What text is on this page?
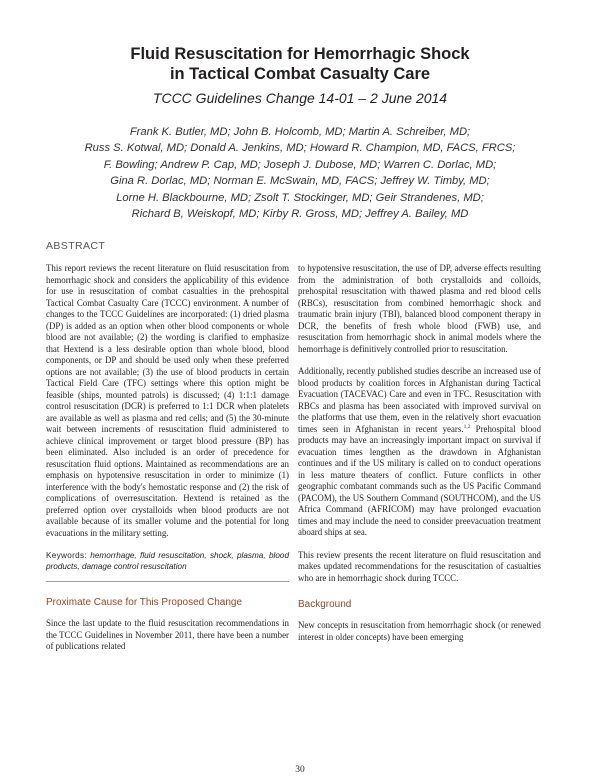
Fluid Resuscitation for Hemorrhagic Shock
in Tactical Combat Casualty Care
TCCC Guidelines Change 14-01 – 2 June 2014
Frank K. Butler, MD; John B. Holcomb, MD; Martin A. Schreiber, MD;
Russ S. Kotwal, MD; Donald A. Jenkins, MD; Howard R. Champion, MD, FACS, FRCS;
F. Bowling; Andrew P. Cap, MD; Joseph J. Dubose, MD; Warren C. Dorlac, MD;
Gina R. Dorlac, MD; Norman E. McSwain, MD, FACS; Jeffrey W. Timby, MD;
Lorne H. Blackbourne, MD; Zsolt T. Stockinger, MD; Geir Strandenes, MD;
Richard B, Weiskopf, MD; Kirby R. Gross, MD; Jeffrey A. Bailey, MD
ABSTRACT

This report reviews the recent literature on fluid resuscitation from hemorrhagic shock and considers the applicability of this evidence for use in resuscitation of combat casualties in the prehospital Tactical Combat Casualty Care (TCCC) environment. A number of changes to the TCCC Guidelines are incorporated: (1) dried plasma (DP) is added as an option when other blood components or whole blood are not available; (2) the wording is clarified to emphasize that Hextend is a less desirable option than whole blood, blood components, or DP and should be used only when these preferred options are not available; (3) the use of blood products in certain Tactical Field Care (TFC) settings where this option might be feasible (ships, mounted patrols) is discussed; (4) 1:1:1 damage control resuscitation (DCR) is preferred to 1:1 DCR when platelets are available as well as plasma and red cells; and (5) the 30-minute wait between increments of resuscitation fluid administered to achieve clinical improvement or target blood pressure (BP) has been eliminated. Also included is an order of precedence for resuscitation fluid options. Maintained as recommendations are an emphasis on hypotensive resuscitation in order to minimize (1) interference with the body's hemostatic response and (2) the risk of complications of overresuscitation. Hextend is retained as the preferred option over crystalloids when blood products are not available because of its smaller volume and the potential for long evacuations in the military setting.

Keywords: hemorrhage, fluid resuscitation, shock, plasma, blood products, damage control resuscitation

Proximate Cause for This Proposed Change

Since the last update to the fluid resuscitation recommendations in the TCCC Guidelines in November 2011, there have been a number of publications related

to hypotensive resuscitation, the use of DP, adverse effects resulting from the administration of both crystalloids and colloids, prehospital resuscitation with thawed plasma and red blood cells (RBCs), resuscitation from combined hemorrhagic shock and traumatic brain injury (TBI), balanced blood component therapy in DCR, the benefits of fresh whole blood (FWB) use, and resuscitation from hemorrhagic shock in animal models where the hemorrhage is definitively controlled prior to resuscitation.

Additionally, recently published studies describe an increased use of blood products by coalition forces in Afghanistan during Tactical Evacuation (TACEVAC) Care and even in TFC. Resuscitation with RBCs and plasma has been associated with improved survival on the platforms that use them, even in the relatively short evacuation times seen in Afghanistan in recent years.$^{1,2}$ Prehospital blood products may have an increasingly important impact on survival if evacuation times lengthen as the drawdown in Afghanistan continues and if the US military is called on to conduct operations in less mature theaters of conflict. Future conflicts in other geographic combatant commands such as the US Pacific Command (PACOM), the US Southern Command (SOUTHCOM), and the US Africa Command (AFRICOM) may have prolonged evacuation times and may include the need to consider preevacuation treatment aboard ships at sea.

This review presents the recent literature on fluid resuscitation and makes updated recommendations for the resuscitation of casualties who are in hemorrhagic shock during TCCC.

Background

New concepts in resuscitation from hemorrhagic shock (or renewed interest in older concepts) have been emerging

30
